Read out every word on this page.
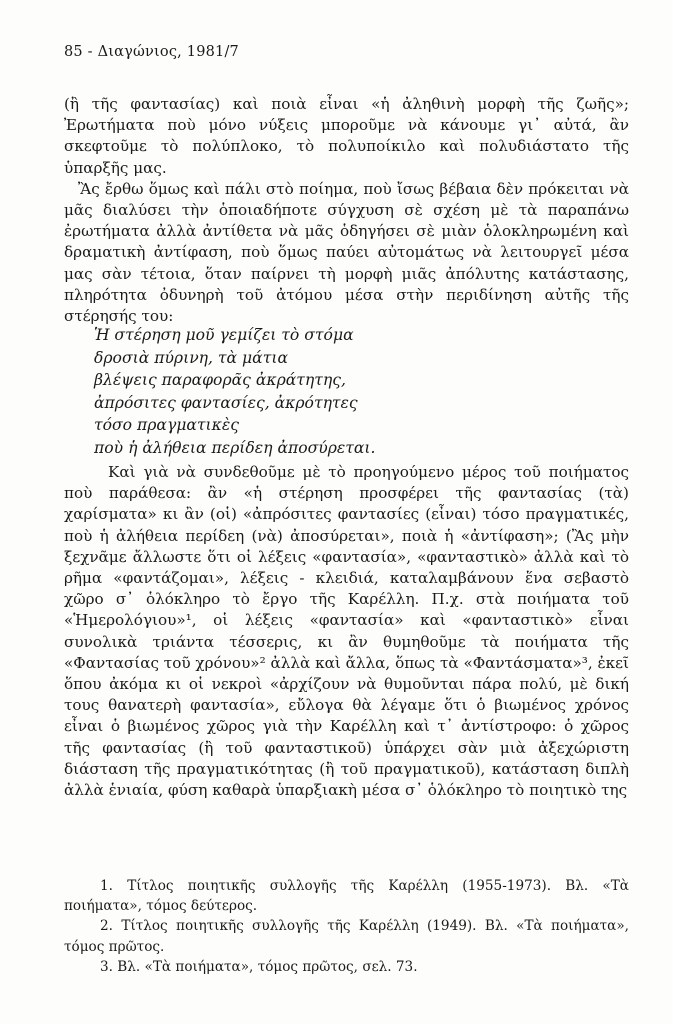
85 - Διαγώνιος, 1981/7

(ἢ τῆς φαντασίας) καὶ ποιὰ εἶναι «ἡ ἀληθινὴ μορφὴ τῆς ζωῆς»; Ἐρωτήματα ποὺ μόνο νύξεις μποροῦμε νὰ κάνουμε γι᾽ αὐτά, ἂν σκεφτοῦμε τὸ πολύπλοκο, τὸ πολυποίκιλο καὶ πολυδιάστατο τῆς ὑπαρξῆς μας.

Ἂς ἔρθω ὅμως καὶ πάλι στὸ ποίημα, ποὺ ἴσως βέβαια δὲν πρόκειται νὰ μᾶς διαλύσει τὴν ὁποιαδήποτε σύγχυση σὲ σχέση μὲ τὰ παραπάνω ἐρωτήματα ἀλλὰ ἀντίθετα νὰ μᾶς ὁδηγήσει σὲ μιὰν ὁλοκληρωμένη καὶ δραματικὴ ἀντίφαση, ποὺ ὅμως παύει αὐτομάτως νὰ λειτουργεῖ μέσα μας σὰν τέτοια, ὅταν παίρνει τὴ μορφὴ μιᾶς ἀπόλυτης κατάστασης, πληρότητα ὀδυνηρὴ τοῦ ἀτόμου μέσα στὴν περιδίνηση αὐτῆς τῆς στέρησής του:

Ἡ στέρηση μοῦ γεμίζει τὸ στόμα
δροσιὰ πύρινη, τὰ μάτια
βλέψεις παραφορᾶς ἀκράτητης,
ἀπρόσιτες φαντασίες, ἀκρότητες
τόσο πραγματικὲς
ποὺ ἡ ἀλήθεια περίδεη ἀποσύρεται.

Καὶ γιὰ νὰ συνδεθοῦμε μὲ τὸ προηγούμενο μέρος τοῦ ποιήματος ποὺ παράθεσα: ἂν «ἡ στέρηση προσφέρει τῆς φαντασίας (τὰ) χαρίσματα» κι ἂν (οἱ) «ἀπρόσιτες φαντασίες (εἶναι) τόσο πραγματικές, ποὺ ἡ ἀλήθεια περίδεη (νὰ) ἀποσύρεται», ποιὰ ἡ «ἀντίφαση»; (Ἂς μὴν ξεχνᾶμε ἄλλωστε ὅτι οἱ λέξεις «φαντασία», «φανταστικὸ» ἀλλὰ καὶ τὸ ρῆμα «φαντάζομαι», λέξεις - κλειδιά, καταλαμβάνουν ἕνα σεβαστὸ χῶρο σ᾽ ὁλόκληρο τὸ ἔργο τῆς Καρέλλη. Π.χ. στὰ ποιήματα τοῦ «Ἡμερολόγιου»¹, οἱ λέξεις «φαντασία» καὶ «φανταστικὸ» εἶναι συνολικὰ τριάντα τέσσερις, κι ἂν θυμηθοῦμε τὰ ποιήματα τῆς «Φαντασίας τοῦ χρόνου»² ἀλλὰ καὶ ἄλλα, ὅπως τὰ «Φαντάσματα»³, ἐκεῖ ὅπου ἀκόμα κι οἱ νεκροὶ «ἀρχίζουν νὰ θυμοῦνται πάρα πολύ, μὲ δική τους θανατερὴ φαντασία», εὔλογα θὰ λέγαμε ὅτι ὁ βιωμένος χρόνος εἶναι ὁ βιωμένος χῶρος γιὰ τὴν Καρέλλη καὶ τ᾽ ἀντίστροφο: ὁ χῶρος τῆς φαντασίας (ἢ τοῦ φανταστικοῦ) ὑπάρχει σὰν μιὰ ἀξεχώριστη διάσταση τῆς πραγματικότητας (ἢ τοῦ πραγματικοῦ), κατάσταση διπλὴ ἀλλὰ ἑνιαία, φύση καθαρὰ ὑπαρξιακὴ μέσα σ᾽ ὁλόκληρο τὸ ποιητικὸ της

1. Τίτλος ποιητικῆς συλλογῆς τῆς Καρέλλη (1955-1973). Βλ. «Τὰ ποιήματα», τόμος δεύτερος.

2. Τίτλος ποιητικῆς συλλογῆς τῆς Καρέλλη (1949). Βλ. «Τὰ ποιήματα», τόμος πρῶτος.

3. Βλ. «Τὰ ποιήματα», τόμος πρῶτος, σελ. 73.
